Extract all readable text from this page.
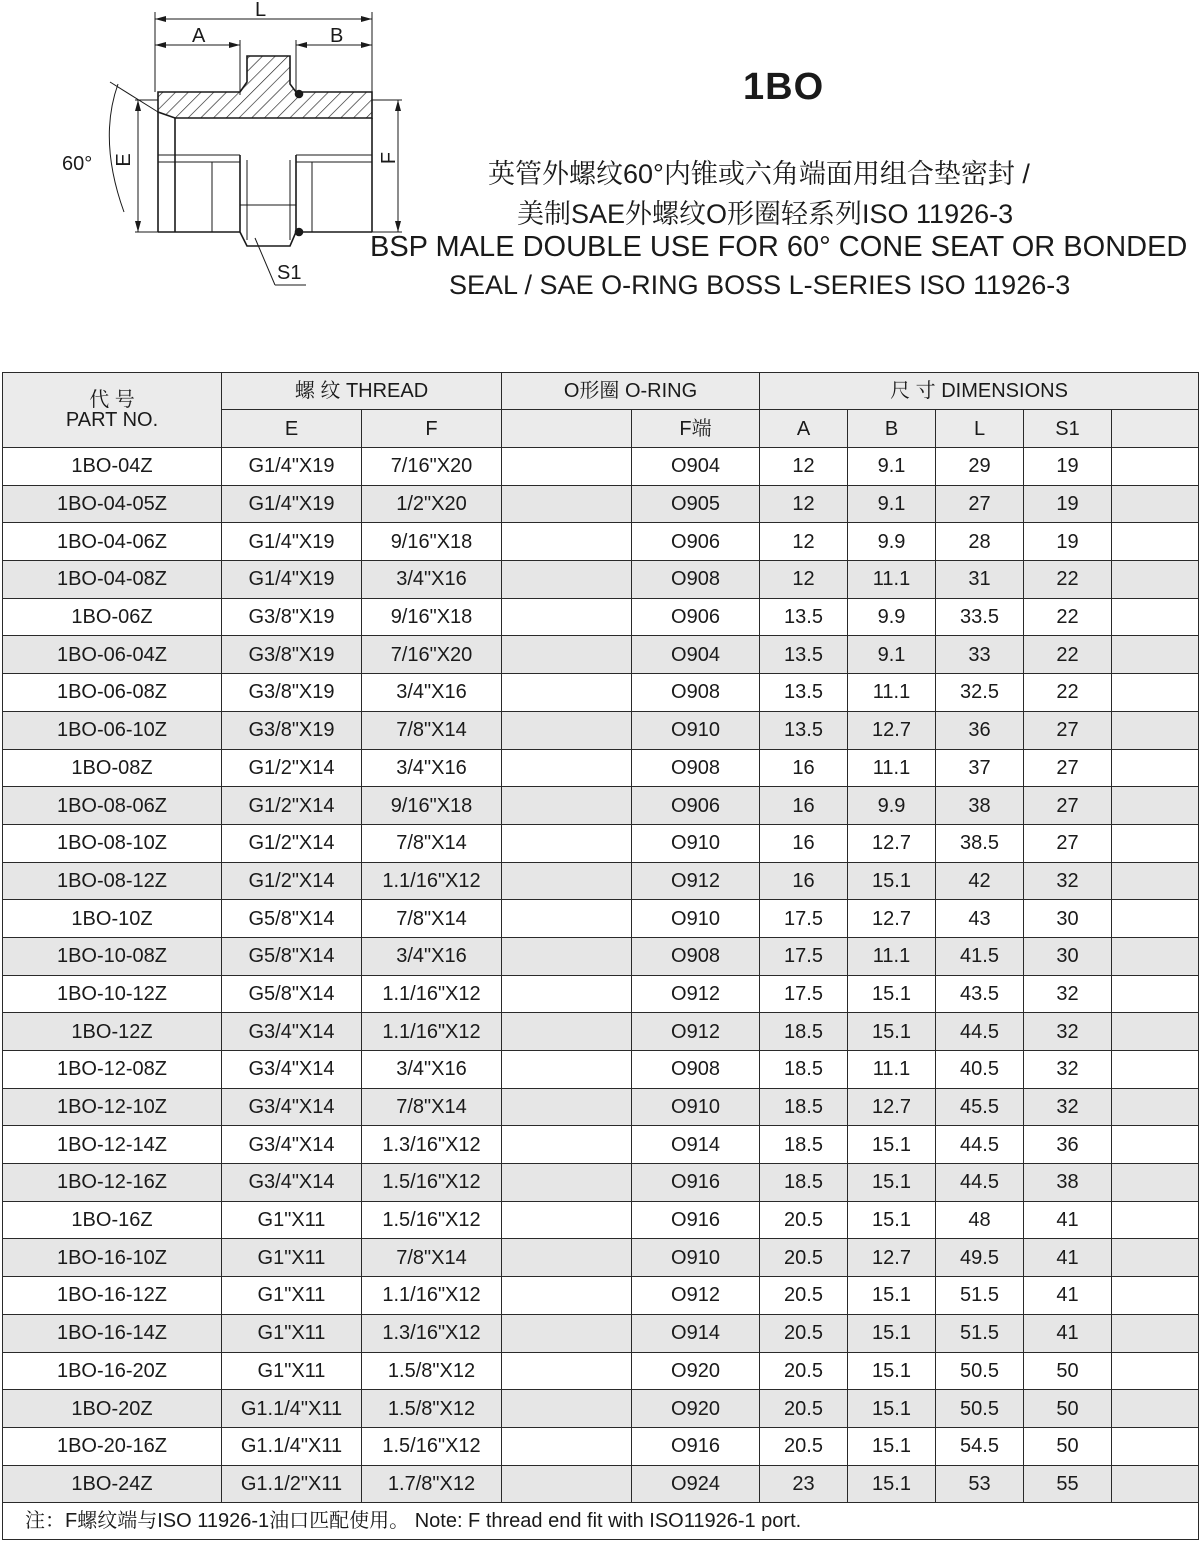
L
A	B
60° E	F
S1
1BO
英管外螺纹60°内锥或六角端面用组合垫密封 /
美制SAE外螺纹O形圈轻系列ISO 11926-3
BSP MALE DOUBLE USE FOR 60° CONE SEAT OR BONDED
SEAL / SAE O-RING BOSS L-SERIES ISO 11926-3
代 号
PART NO.	螺 纹 THREAD		O形圈 O-RING		尺 寸 DIMENSIONS				
	E	F		F端	A	B	L	S1	
1BO-04Z	G1/4"X19	7/16"X20		O904	12	9.1	29	19	
1BO-04-05Z	G1/4"X19	1/2"X20		O905	12	9.1	27	19	
1BO-04-06Z	G1/4"X19	9/16"X18		O906	12	9.9	28	19	
1BO-04-08Z	G1/4"X19	3/4"X16		O908	12	11.1	31	22	
1BO-06Z	G3/8"X19	9/16"X18		O906	13.5	9.9	33.5	22	
1BO-06-04Z	G3/8"X19	7/16"X20		O904	13.5	9.1	33	22	
1BO-06-08Z	G3/8"X19	3/4"X16		O908	13.5	11.1	32.5	22	
1BO-06-10Z	G3/8"X19	7/8"X14		O910	13.5	12.7	36	27	
1BO-08Z	G1/2"X14	3/4"X16		O908	16	11.1	37	27	
1BO-08-06Z	G1/2"X14	9/16"X18		O906	16	9.9	38	27	
1BO-08-10Z	G1/2"X14	7/8"X14		O910	16	12.7	38.5	27	
1BO-08-12Z	G1/2"X14	1.1/16"X12		O912	16	15.1	42	32	
1BO-10Z	G5/8"X14	7/8"X14		O910	17.5	12.7	43	30	
1BO-10-08Z	G5/8"X14	3/4"X16		O908	17.5	11.1	41.5	30	
1BO-10-12Z	G5/8"X14	1.1/16"X12		O912	17.5	15.1	43.5	32	
1BO-12Z	G3/4"X14	1.1/16"X12		O912	18.5	15.1	44.5	32	
1BO-12-08Z	G3/4"X14	3/4"X16		O908	18.5	11.1	40.5	32	
1BO-12-10Z	G3/4"X14	7/8"X14		O910	18.5	12.7	45.5	32	
1BO-12-14Z	G3/4"X14	1.3/16"X12		O914	18.5	15.1	44.5	36	
1BO-12-16Z	G3/4"X14	1.5/16"X12		O916	18.5	15.1	44.5	38	
1BO-16Z	G1"X11	1.5/16"X12		O916	20.5	15.1	48	41	
1BO-16-10Z	G1"X11	7/8"X14		O910	20.5	12.7	49.5	41	
1BO-16-12Z	G1"X11	1.1/16"X12		O912	20.5	15.1	51.5	41	
1BO-16-14Z	G1"X11	1.3/16"X12		O914	20.5	15.1	51.5	41	
1BO-16-20Z	G1"X11	1.5/8"X12		O920	20.5	15.1	50.5	50	
1BO-20Z	G1.1/4"X11	1.5/8"X12		O920	20.5	15.1	50.5	50	
1BO-20-16Z	G1.1/4"X11	1.5/16"X12		O916	20.5	15.1	54.5	50	
1BO-24Z	G1.1/2"X11	1.7/8"X12		O924	23	15.1	53	55	
注：F螺纹端与ISO 11926-1油口匹配使用。 Note: F thread end fit with ISO11926-1 port.									
